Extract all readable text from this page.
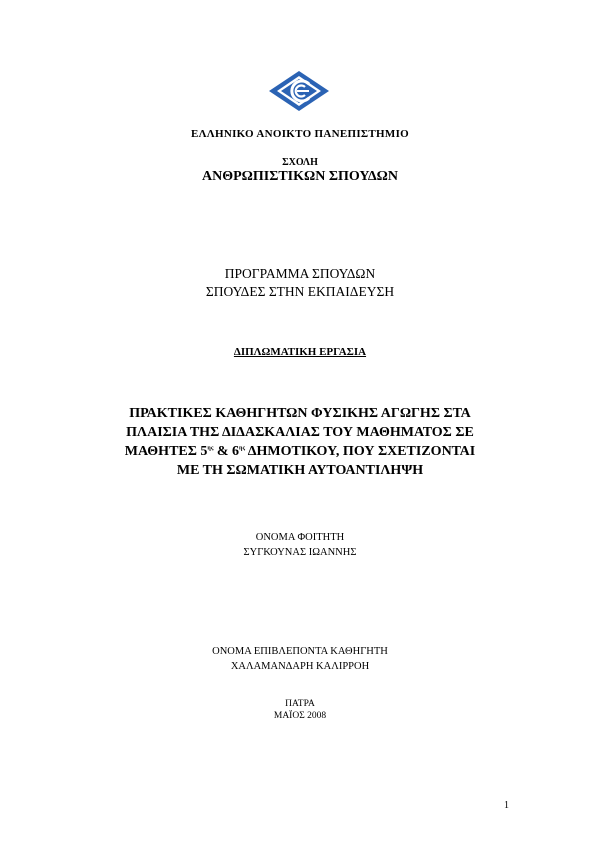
ΕΛΛΗΝΙΚΟ ΑΝΟΙΚΤΟ ΠΑΝΕΠΙΣΤΗΜΙΟ
ΣΧΟΛΗ
ΑΝΘΡΩΠΙΣΤΙΚΩΝ ΣΠΟΥΔΩΝ
ΠΡΟΓΡΑΜΜΑ ΣΠΟΥΔΩΝ
ΣΠΟΥΔΕΣ ΣΤΗΝ ΕΚΠΑΙΔΕΥΣΗ
ΔΙΠΛΩΜΑΤΙΚΗ ΕΡΓΑΣΙΑ
ΠΡΑΚΤΙΚΕΣ ΚΑΘΗΓΗΤΩΝ ΦΥΣΙΚΗΣ ΑΓΩΓΗΣ ΣΤΑ
ΠΛΑΙΣΙΑ ΤΗΣ ΔΙΔΑΣΚΑΛΙΑΣ ΤΟΥ ΜΑΘΗΜΑΤΟΣ ΣΕ
ΜΑΘΗΤΕΣ $5^{\eta\varsigma}$ & $6^{\eta\varsigma}$ ΔΗΜΟΤΙΚΟΥ, ΠΟΥ ΣΧΕΤΙΖΟΝΤΑΙ
ΜΕ ΤΗ ΣΩΜΑΤΙΚΗ ΑΥΤΟΑΝΤΙΛΗΨΗ
ΟΝΟΜΑ ΦΟΙΤΗΤΗ
ΣΥΓΚΟΥΝΑΣ ΙΩΑΝΝΗΣ
ΟΝΟΜΑ ΕΠΙΒΛΕΠΟΝΤΑ ΚΑΘΗΓΗΤΗ
ΧΑΛΑΜΑΝΔΑΡΗ ΚΑΛΙΡΡΟΗ
ΠΑΤΡΑ
ΜΑΪΟΣ 2008
1
